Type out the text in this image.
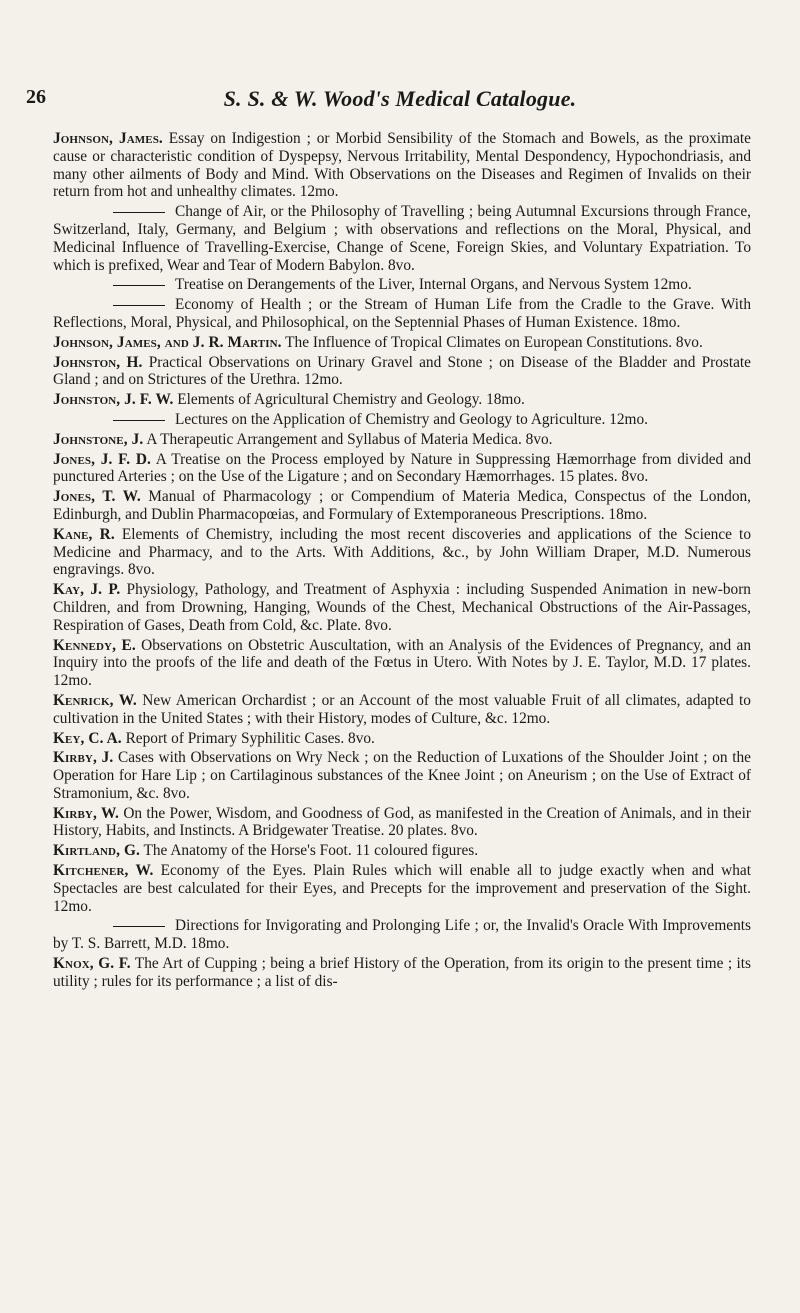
26	S. S. & W. Wood's Medical Catalogue.

Johnson, James. Essay on Indigestion ; or Morbid Sensibility of the Stomach and Bowels, as the proximate cause or characteristic condition of Dyspepsy, Nervous Irritability, Mental Despondency, Hypochondriasis, and many other ailments of Body and Mind. With Observations on the Diseases and Regimen of Invalids on their return from hot and unhealthy climates. 12mo.

Change of Air, or the Philosophy of Travelling ; being Autumnal Excursions through France, Switzerland, Italy, Germany, and Belgium ; with observations and reflections on the Moral, Physical, and Medicinal Influence of Travelling-Exercise, Change of Scene, Foreign Skies, and Voluntary Expatriation. To which is prefixed, Wear and Tear of Modern Babylon. 8vo.

Treatise on Derangements of the Liver, Internal Organs, and Nervous System 12mo.

Economy of Health ; or the Stream of Human Life from the Cradle to the Grave. With Reflections, Moral, Physical, and Philosophical, on the Septennial Phases of Human Existence. 18mo.

Johnson, James, and J. R. Martin. The Influence of Tropical Climates on European Constitutions. 8vo.

Johnston, H. Practical Observations on Urinary Gravel and Stone ; on Disease of the Bladder and Prostate Gland ; and on Strictures of the Urethra. 12mo.

Johnston, J. F. W. Elements of Agricultural Chemistry and Geology. 18mo.

Lectures on the Application of Chemistry and Geology to Agriculture. 12mo.

Johnstone, J. A Therapeutic Arrangement and Syllabus of Materia Medica. 8vo.

Jones, J. F. D. A Treatise on the Process employed by Nature in Suppressing Hæmorrhage from divided and punctured Arteries ; on the Use of the Ligature ; and on Secondary Hæmorrhages. 15 plates. 8vo.

Jones, T. W. Manual of Pharmacology ; or Compendium of Materia Medica, Conspectus of the London, Edinburgh, and Dublin Pharmacopœias, and Formulary of Extemporaneous Prescriptions. 18mo.

Kane, R. Elements of Chemistry, including the most recent discoveries and applications of the Science to Medicine and Pharmacy, and to the Arts. With Additions, &c., by John William Draper, M.D. Numerous engravings. 8vo.

Kay, J. P. Physiology, Pathology, and Treatment of Asphyxia : including Suspended Animation in new-born Children, and from Drowning, Hanging, Wounds of the Chest, Mechanical Obstructions of the Air-Passages, Respiration of Gases, Death from Cold, &c. Plate. 8vo.

Kennedy, E. Observations on Obstetric Auscultation, with an Analysis of the Evidences of Pregnancy, and an Inquiry into the proofs of the life and death of the Fœtus in Utero. With Notes by J. E. Taylor, M.D. 17 plates. 12mo.

Kenrick, W. New American Orchardist ; or an Account of the most valuable Fruit of all climates, adapted to cultivation in the United States ; with their History, modes of Culture, &c. 12mo.

Key, C. A. Report of Primary Syphilitic Cases. 8vo.

Kirby, J. Cases with Observations on Wry Neck ; on the Reduction of Luxations of the Shoulder Joint ; on the Operation for Hare Lip ; on Cartilaginous substances of the Knee Joint ; on Aneurism ; on the Use of Extract of Stramonium, &c. 8vo.

Kirby, W. On the Power, Wisdom, and Goodness of God, as manifested in the Creation of Animals, and in their History, Habits, and Instincts. A Bridgewater Treatise. 20 plates. 8vo.

Kirtland, G. The Anatomy of the Horse's Foot. 11 coloured figures.

Kitchener, W. Economy of the Eyes. Plain Rules which will enable all to judge exactly when and what Spectacles are best calculated for their Eyes, and Precepts for the improvement and preservation of the Sight. 12mo.

Directions for Invigorating and Prolonging Life ; or, the Invalid's Oracle With Improvements by T. S. Barrett, M.D. 18mo.

Knox, G. F. The Art of Cupping ; being a brief History of the Operation, from its origin to the present time ; its utility ; rules for its performance ; a list of dis-
